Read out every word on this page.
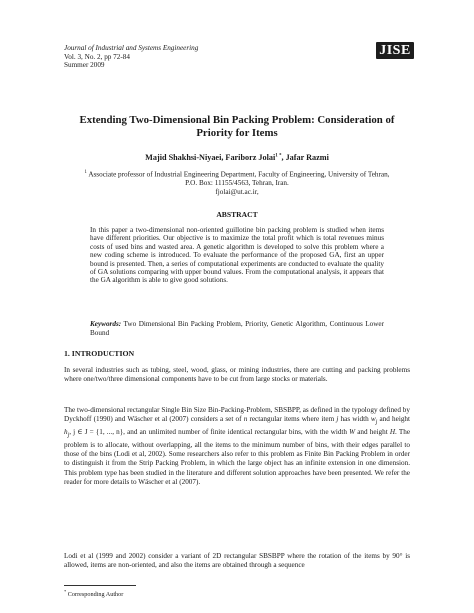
Journal of Industrial and Systems Engineering
Vol. 3, No. 2, pp 72-84
Summer 2009
JISE
Extending Two-Dimensional Bin Packing Problem: Consideration of Priority for Items
Majid Shakhsi-Niyaei, Fariborz Jolai$^{1 *}$, Jafar Razmi
$^1$ Associate professor of Industrial Engineering Department, Faculty of Engineering, University of Tehran,
P.O. Box: 11155/4563, Tehran, Iran.
fjolai@ut.ac.ir,
ABSTRACT
In this paper a two-dimensional non-oriented guillotine bin packing problem is studied when items have different priorities. Our objective is to maximize the total profit which is total revenues minus costs of used bins and wasted area. A genetic algorithm is developed to solve this problem where a new coding scheme is introduced. To evaluate the performance of the proposed GA, first an upper bound is presented. Then, a series of computational experiments are conducted to evaluate the quality of GA solutions comparing with upper bound values. From the computational analysis, it appears that the GA algorithm is able to give good solutions.
Keywords: Two Dimensional Bin Packing Problem, Priority, Genetic Algorithm, Continuous Lower Bound
1. INTRODUCTION
In several industries such as tubing, steel, wood, glass, or mining industries, there are cutting and packing problems where one/two/three dimensional components have to be cut from large stocks or materials.
The two-dimensional rectangular Single Bin Size Bin-Packing-Problem, SBSBPP, as defined in the typology defined by Dyckhoff (1990) and Wäscher et al (2007) considers a set of n rectangular items where item j has width $w_j$ and height $h_j$, j ∈ J = {1, ..., n}, and an unlimited number of finite identical rectangular bins, with the width W and height H. The problem is to allocate, without overlapping, all the items to the minimum number of bins, with their edges parallel to those of the bins (Lodi et al, 2002). Some researchers also refer to this problem as Finite Bin Packing Problem in order to distinguish it from the Strip Packing Problem, in which the large object has an infinite extension in one dimension. This problem type has been studied in the literature and different solution approaches have been presented. We refer the reader for more details to Wäscher et al (2007).
Lodi et al (1999 and 2002) consider a variant of 2D rectangular SBSBPP where the rotation of the items by 90° is allowed, items are non-oriented, and also the items are obtained through a sequence
* Corresponding Author
